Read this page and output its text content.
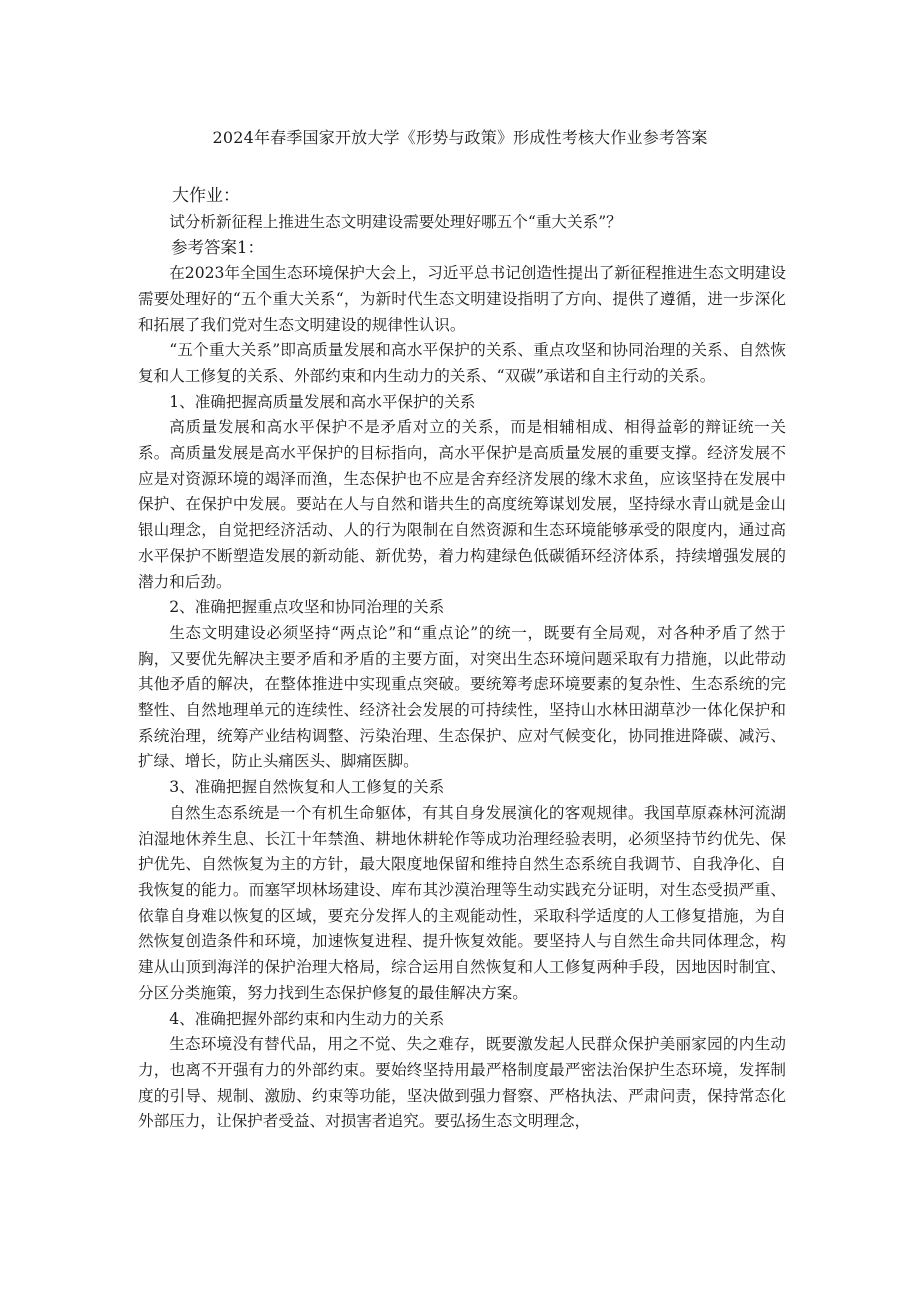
2024年春季国家开放大学《形势与政策》形成性考核大作业参考答案

大作业：

试分析新征程上推进生态文明建设需要处理好哪五个“重大关系”？

参考答案1：

在2023年全国生态环境保护大会上，习近平总书记创造性提出了新征程推进生态文明建设需要处理好的“五个重大关系“，为新时代生态文明建设指明了方向、提供了遵循，进一步深化和拓展了我们党对生态文明建设的规律性认识。

“五个重大关系”即高质量发展和高水平保护的关系、重点攻坚和协同治理的关系、自然恢复和人工修复的关系、外部约束和内生动力的关系、“双碳”承诺和自主行动的关系。

1、准确把握高质量发展和高水平保护的关系

高质量发展和高水平保护不是矛盾对立的关系，而是相辅相成、相得益彰的辩证统一关系。高质量发展是高水平保护的目标指向，高水平保护是高质量发展的重要支撑。经济发展不应是对资源环境的竭泽而渔，生态保护也不应是舍弃经济发展的缘木求鱼，应该坚持在发展中保护、在保护中发展。要站在人与自然和谐共生的高度统筹谋划发展，坚持绿水青山就是金山银山理念，自觉把经济活动、人的行为限制在自然资源和生态环境能够承受的限度内，通过高水平保护不断塑造发展的新动能、新优势，着力构建绿色低碳循环经济体系，持续增强发展的潜力和后劲。

2、准确把握重点攻坚和协同治理的关系

生态文明建设必须坚持“两点论”和“重点论”的统一，既要有全局观，对各种矛盾了然于胸，又要优先解决主要矛盾和矛盾的主要方面，对突出生态环境问题采取有力措施，以此带动其他矛盾的解决，在整体推进中实现重点突破。要统筹考虑环境要素的复杂性、生态系统的完整性、自然地理单元的连续性、经济社会发展的可持续性，坚持山水林田湖草沙一体化保护和系统治理，统筹产业结构调整、污染治理、生态保护、应对气候变化，协同推进降碳、减污、扩绿、增长，防止头痛医头、脚痛医脚。

3、准确把握自然恢复和人工修复的关系

自然生态系统是一个有机生命躯体，有其自身发展演化的客观规律。我国草原森林河流湖泊湿地休养生息、长江十年禁渔、耕地休耕轮作等成功治理经验表明，必须坚持节约优先、保护优先、自然恢复为主的方针，最大限度地保留和维持自然生态系统自我调节、自我净化、自我恢复的能力。而塞罕坝林场建设、库布其沙漠治理等生动实践充分证明，对生态受损严重、依靠自身难以恢复的区域，要充分发挥人的主观能动性，采取科学适度的人工修复措施，为自然恢复创造条件和环境，加速恢复进程、提升恢复效能。要坚持人与自然生命共同体理念，构建从山顶到海洋的保护治理大格局，综合运用自然恢复和人工修复两种手段，因地因时制宜、分区分类施策，努力找到生态保护修复的最佳解决方案。

4、准确把握外部约束和内生动力的关系

生态环境没有替代品，用之不觉、失之难存，既要激发起人民群众保护美丽家园的内生动力，也离不开强有力的外部约束。要始终坚持用最严格制度最严密法治保护生态环境，发挥制度的引导、规制、激励、约束等功能，坚决做到强力督察、严格执法、严肃问责，保持常态化外部压力，让保护者受益、对损害者追究。要弘扬生态文明理念，
